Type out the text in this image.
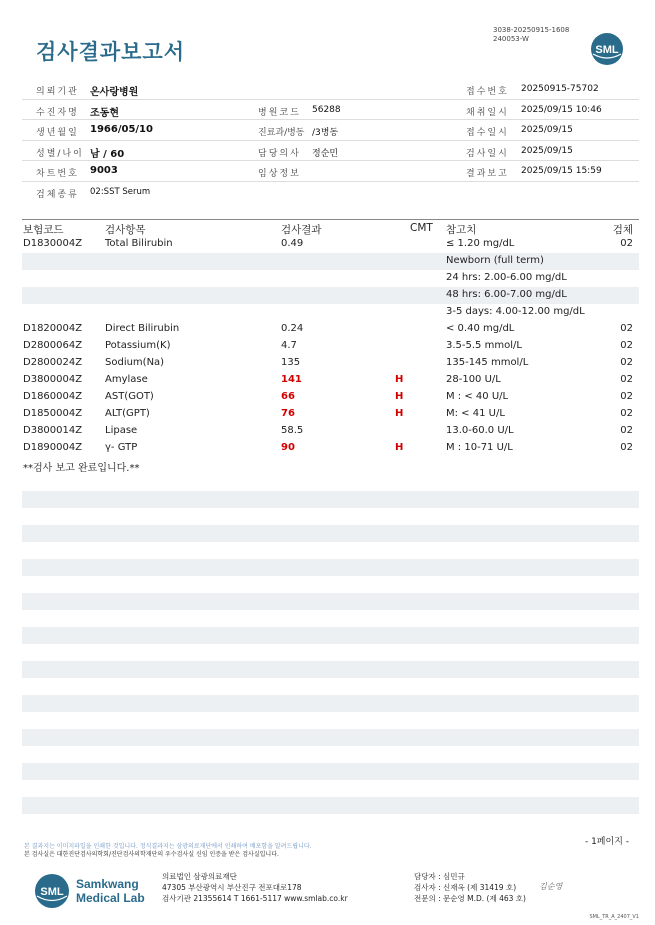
검사결과보고서
3038-20250915-1608
240053-W
SML
의뢰기관 온사랑병원	접수번호 20250915-75702
수진자명 조동현	병원코드 56288	채취일시 2025/09/15 10:46
생년월일 1966/05/10	진료과/병동 /3병동	접수일시 2025/09/15
성별/나이 남 / 60	담당의사 정순민	검사일시 2025/09/15
차트번호 9003	임상정보	결과보고 2025/09/15 15:59
검체종류 02:SST Serum
보험코드	검사항목	검사결과	CMT 참고치	검체
D1830004Z Total Bilirubin	0.49	≤ 1.20 mg/dL	02
Newborn (full term)
24 hrs: 2.00-6.00 mg/dL
48 hrs: 6.00-7.00 mg/dL
3-5 days: 4.00-12.00 mg/dL
D1820004Z Direct Bilirubin	0.24	< 0.40 mg/dL	02
D2800064Z Potassium(K)	4.7	3.5-5.5 mmol/L	02
D2800024Z Sodium(Na)	135	135-145 mmol/L	02
D3800004Z Amylase	141	H	28-100 U/L	02
D1860004Z AST(GOT)	66	H	M : < 40 U/L	02
D1850004Z ALT(GPT)	76	H	M: < 41 U/L	02
D3800014Z Lipase	58.5	13.0-60.0 U/L	02
D1890004Z γ- GTP	90	H	M : 10-71 U/L	02
**검사 보고 완료입니다.**
본 결과지는 이미지파일을 인쇄한 것입니다. 정식결과지는 삼광의료재단에서 인쇄하여 배포함을 알려드립니다.
본 검사실은 대한진단검사의학회/진단검사의학재단의 우수검사실 신임 인증을 받은 검사실입니다.
- 1페이지 -
SML
Samkwang
Medical Lab
의료법인 삼광의료재단
47305 부산광역시 부산진구 전포대로178
검사기관 21355614 T 1661-5117 www.smlab.co.kr
담당자 : 심민규
검사자 : 신재옥 (제 31419 호)
전문의 : 문순영 M.D. (제 463 호)
김순영
SML_TR_A_2407_V1
